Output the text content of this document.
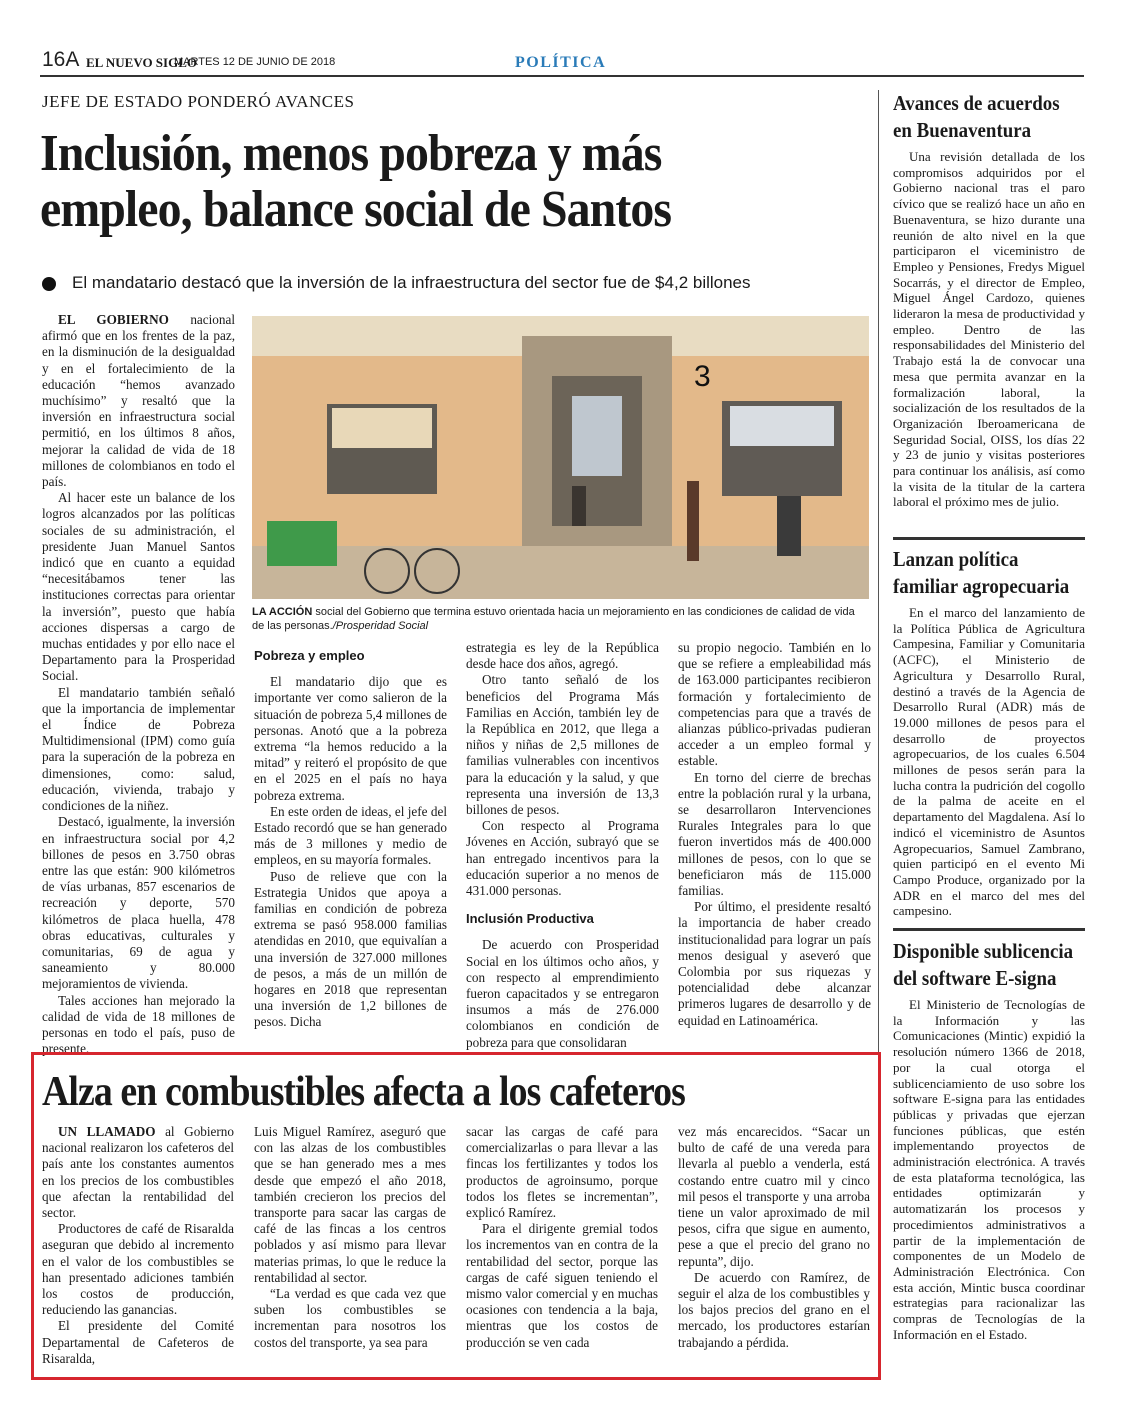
16A EL NUEVO SIGLO
MARTES 12 DE JUNIO DE 2018	POLÍTICA
JEFE DE ESTADO PONDERÓ AVANCES
Inclusión, menos pobreza y más empleo, balance social de Santos
El mandatario destacó que la inversión de la infraestructura del sector fue de $4,2 billones

EL GOBIERNO nacional afirmó que en los frentes de la paz, en la disminución de la desigualdad y en el fortalecimiento de la educación “hemos avanzado muchísimo” y resaltó que la inversión en infraestructura social permitió, en los últimos 8 años, mejorar la calidad de vida de 18 millones de colombianos en todo el país.

Al hacer este un balance de los logros alcanzados por las políticas sociales de su administración, el presidente Juan Manuel Santos indicó que en cuanto a equidad “necesitábamos tener las instituciones correctas para orientar la inversión”, puesto que había acciones dispersas a cargo de muchas entidades y por ello nace el Departamento para la Prosperidad Social.

El mandatario también señaló que la importancia de implementar el Índice de Pobreza Multidimensional (IPM) como guía para la superación de la pobreza en dimensiones, como: salud, educación, vivienda, trabajo y condiciones de la niñez.

Destacó, igualmente, la inversión en infraestructura social por 4,2 billones de pesos en 3.750 obras entre las que están: 900 kilómetros de vías urbanas, 857 escenarios de recreación y deporte, 570 kilómetros de placa huella, 478 obras educativas, culturales y comunitarias, 69 de agua y saneamiento y 80.000 mejoramientos de vivienda.

Tales acciones han mejorado la calidad de vida de 18 millones de personas en todo el país, puso de presente.

3
LA ACCIÓN social del Gobierno que termina estuvo orientada hacia un mejoramiento en las condiciones de calidad de vida de las personas./Prosperidad Social

Pobreza y empleo

El mandatario dijo que es importante ver como salieron de la situación de pobreza 5,4 millones de personas. Anotó que a la pobreza extrema “la hemos reducido a la mitad” y reiteró el propósito de que en el 2025 en el país no haya pobreza extrema.

En este orden de ideas, el jefe del Estado recordó que se han generado más de 3 millones y medio de empleos, en su mayoría formales.

Puso de relieve que con la Estrategia Unidos que apoya a familias en condición de pobreza extrema se pasó 958.000 familias atendidas en 2010, que equivalían a una inversión de 327.000 millones de pesos, a más de un millón de hogares en 2018 que representan una inversión de 1,2 billones de pesos. Dicha

estrategia es ley de la República desde hace dos años, agregó.

Otro tanto señaló de los beneficios del Programa Más Familias en Acción, también ley de la República en 2012, que llega a niños y niñas de 2,5 millones de familias vulnerables con incentivos para la educación y la salud, y que representa una inversión de 13,3 billones de pesos.

Con respecto al Programa Jóvenes en Acción, subrayó que se han entregado incentivos para la educación superior a no menos de 431.000 personas.

Inclusión Productiva

De acuerdo con Prosperidad Social en los últimos ocho años, y con respecto al emprendimiento fueron capacitados y se entregaron insumos a más de 276.000 colombianos en condición de pobreza para que consolidaran

su propio negocio. También en lo que se refiere a empleabilidad más de 163.000 participantes recibieron formación y fortalecimiento de competencias para que a través de alianzas público-privadas pudieran acceder a un empleo formal y estable.

En torno del cierre de brechas entre la población rural y la urbana, se desarrollaron Intervenciones Rurales Integrales para lo que fueron invertidos más de 400.000 millones de pesos, con lo que se beneficiaron más de 115.000 familias.

Por último, el presidente resaltó la importancia de haber creado institucionalidad para lograr un país menos desigual y aseveró que Colombia por sus riquezas y potencialidad debe alcanzar primeros lugares de desarrollo y de equidad en Latinoamérica.

Alza en combustibles afecta a los cafeteros

UN LLAMADO al Gobierno nacional realizaron los cafeteros del país ante los constantes aumentos en los precios de los combustibles que afectan la rentabilidad del sector.

Productores de café de Risaralda aseguran que debido al incremento en el valor de los combustibles se han presentado adiciones también los costos de producción, reduciendo las ganancias.

El presidente del Comité Departamental de Cafeteros de Risaralda,

Luis Miguel Ramírez, aseguró que con las alzas de los combustibles que se han generado mes a mes desde que empezó el año 2018, también crecieron los precios del transporte para sacar las cargas de café de las fincas a los centros poblados y así mismo para llevar materias primas, lo que le reduce la rentabilidad al sector.

“La verdad es que cada vez que suben los combustibles se incrementan para nosotros los costos del transporte, ya sea para

sacar las cargas de café para comercializarlas o para llevar a las fincas los fertilizantes y todos los productos de agroinsumo, porque todos los fletes se incrementan”, explicó Ramírez.

Para el dirigente gremial todos los incrementos van en contra de la rentabilidad del sector, porque las cargas de café siguen teniendo el mismo valor comercial y en muchas ocasiones con tendencia a la baja, mientras que los costos de producción se ven cada

vez más encarecidos. “Sacar un bulto de café de una vereda para llevarla al pueblo a venderla, está costando entre cuatro mil y cinco mil pesos el transporte y una arroba tiene un valor aproximado de mil pesos, cifra que sigue en aumento, pese a que el precio del grano no repunta”, dijo.

De acuerdo con Ramírez, de seguir el alza de los combustibles y los bajos precios del grano en el mercado, los productores estarían trabajando a pérdida.

Avances de acuerdos en Buenaventura

Una revisión detallada de los compromisos adquiridos por el Gobierno nacional tras el paro cívico que se realizó hace un año en Buenaventura, se hizo durante una reunión de alto nivel en la que participaron el viceministro de Empleo y Pensiones, Fredys Miguel Socarrás, y el director de Empleo, Miguel Ángel Cardozo, quienes lideraron la mesa de productividad y empleo. Dentro de las responsabilidades del Ministerio del Trabajo está la de convocar una mesa que permita avanzar en la formalización laboral, la socialización de los resultados de la Organización Iberoamericana de Seguridad Social, OISS, los días 22 y 23 de junio y visitas posteriores para continuar los análisis, así como la visita de la titular de la cartera laboral el próximo mes de julio.

Lanzan política familiar agropecuaria

En el marco del lanzamiento de la Política Pública de Agricultura Campesina, Familiar y Comunitaria (ACFC), el Ministerio de Agricultura y Desarrollo Rural, destinó a través de la Agencia de Desarrollo Rural (ADR) más de 19.000 millones de pesos para el desarrollo de proyectos agropecuarios, de los cuales 6.504 millones de pesos serán para la lucha contra la pudrición del cogollo de la palma de aceite en el departamento del Magdalena. Así lo indicó el viceministro de Asuntos Agropecuarios, Samuel Zambrano, quien participó en el evento Mi Campo Produce, organizado por la ADR en el marco del mes del campesino.

Disponible sublicencia del software E-signa

El Ministerio de Tecnologías de la Información y las Comunicaciones (Mintic) expidió la resolución número 1366 de 2018, por la cual otorga el sublicenciamiento de uso sobre los software E-signa para las entidades públicas y privadas que ejerzan funciones públicas, que estén implementando proyectos de administración electrónica. A través de esta plataforma tecnológica, las entidades optimizarán y automatizarán los procesos y procedimientos administrativos a partir de la implementación de componentes de un Modelo de Administración Electrónica. Con esta acción, Mintic busca coordinar estrategias para racionalizar las compras de Tecnologías de la Información en el Estado.
